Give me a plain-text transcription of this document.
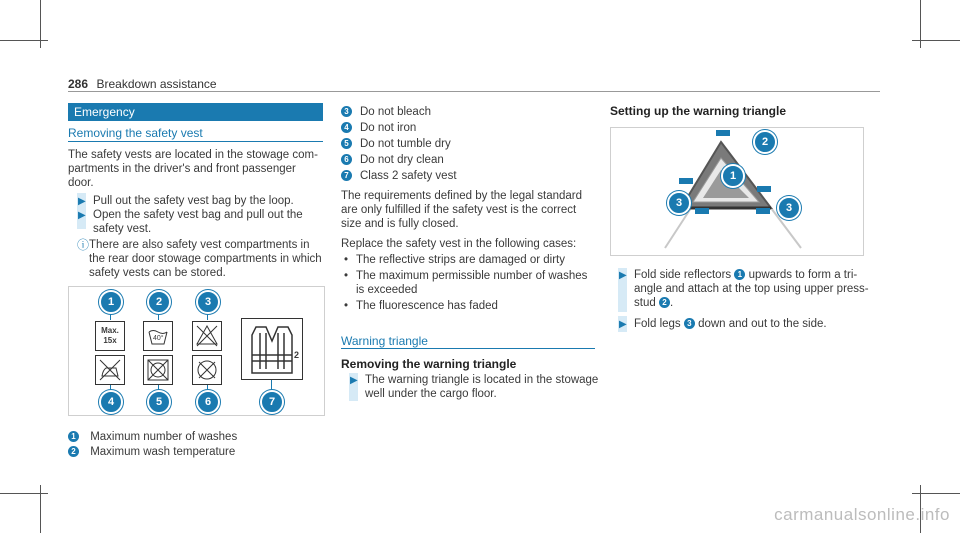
286 Breakdown assistance
Emergency
Removing the safety vest
The safety vests are located in the stowage com-
partments in the driver's and front passenger
door.
▶ Pull out the safety vest bag by the loop.
▶ Open the safety vest bag and pull out the
safety vest.
ⓘ There are also safety vest compartments in
the rear door stowage compartments in which
safety vests can be stored.
1	2	3
Max.
15x	40°
2
4	5	6	7
1 Maximum number of washes
2 Maximum wash temperature
3 Do not bleach
4 Do not iron
5 Do not tumble dry
6 Do not dry clean
7 Class 2 safety vest
The requirements defined by the legal standard
are only fulfilled if the safety vest is the correct
size and is fully closed.
Replace the safety vest in the following cases:
• The reflective strips are damaged or dirty
• The maximum permissible number of washes
is exceeded
• The fluorescence has faded
Warning triangle
Removing the warning triangle
▶ The warning triangle is located in the stowage
well under the cargo floor.
Setting up the warning triangle
1
2
3	3
▶ Fold side reflectors 1 upwards to form a tri-
angle and attach at the top using upper press-
stud 2 .
▶ Fold legs 3 down and out to the side.
carmanualsonline.info
